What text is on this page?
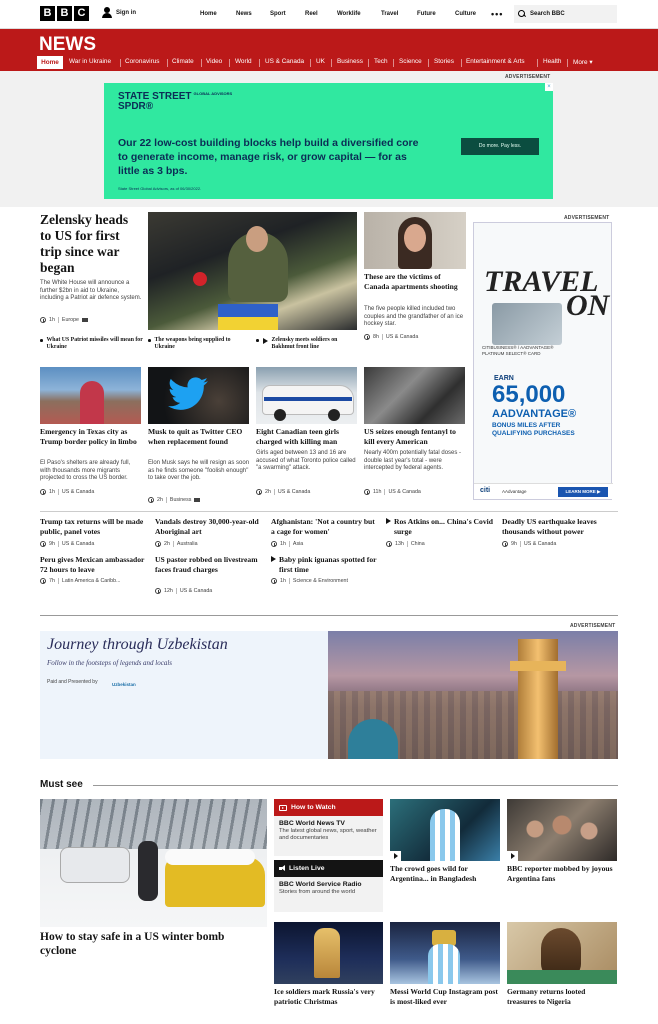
B B C	Sign in	Home	News	Sport	Reel	Worklife	Travel	Future	Culture •••	Search BBC
NEWS
Home	War in Ukraine Coronavirus Climate Video World US & Canada UK Business Tech Science Stories Entertainment & Arts	Health More ▾
ADVERTISEMENT
STATE STREET GLOBAL ADVISORS
SPDR®
Our 22 low-cost building blocks help build a diversified core to generate income, manage risk, or grow capital — for as little as 3 bps.
State Street Global Advisors, as of 06/30/2022.
Do more. Pay less.
×
Zelensky heads to US for first trip since war began
The White House will announce a further $2bn in aid to Ukraine, including a Patriot air defence system.
1h Europe
What US Patriot missiles will mean for Ukraine
The weapons being supplied to Ukraine
Zelensky meets soldiers on Bakhmut front line
These are the victims of Canada apartments shooting
The five people killed included two couples and the grandfather of an ice hockey star.
8h US & Canada
ADVERTISEMENT
TRAVEL
ON
CITIBUSINESS® / AADVANTAGE®
PLATINUM SELECT® CARD
EARN
65,000
AADVANTAGE®
BONUS MILES AFTER QUALIFYING PURCHASES
citi	AAdvantage	LEARN MORE ▶
Emergency in Texas city as Trump border policy in limbo
El Paso's shelters are already full, with thousands more migrants projected to cross the US border.
1h US & Canada
Musk to quit as Twitter CEO when replacement found
Elon Musk says he will resign as soon as he finds someone "foolish enough" to take over the job.
2h Business
Eight Canadian teen girls charged with killing man
Girls aged between 13 and 16 are accused of what Toronto police called "a swarming" attack.
2h US & Canada
US seizes enough fentanyl to kill every American
Nearly 400m potentially fatal doses - double last year's total - were intercepted by federal agents.
11h US & Canada
Trump tax returns will be made public, panel votes
9h US & Canada
Vandals destroy 30,000-year-old Aboriginal art
2h Australia
Afghanistan: 'Not a country but a cage for women'
1h Asia
Ros Atkins on... China's Covid surge
13h China
Deadly US earthquake leaves thousands without power
9h US & Canada
Peru gives Mexican ambassador 72 hours to leave
7h Latin America & Caribb...
US pastor robbed on livestream faces fraud charges
12h US & Canada
Baby pink iguanas spotted for first time
1h Science & Environment
ADVERTISEMENT
Journey through Uzbekistan
Follow in the footsteps of legends and locals
Paid and Presented by	Uzbekistan
Must see
How to stay safe in a US winter bomb cyclone
How to Watch
BBC World News TV
The latest global news, sport, weather and documentaries
Listen Live
BBC World Service Radio
Stories from around the world
The crowd goes wild for Argentina... in Bangladesh
BBC reporter mobbed by joyous Argentina fans
Ice soldiers mark Russia's very patriotic Christmas
Messi World Cup Instagram post is most-liked ever
Germany returns looted treasures to Nigeria
